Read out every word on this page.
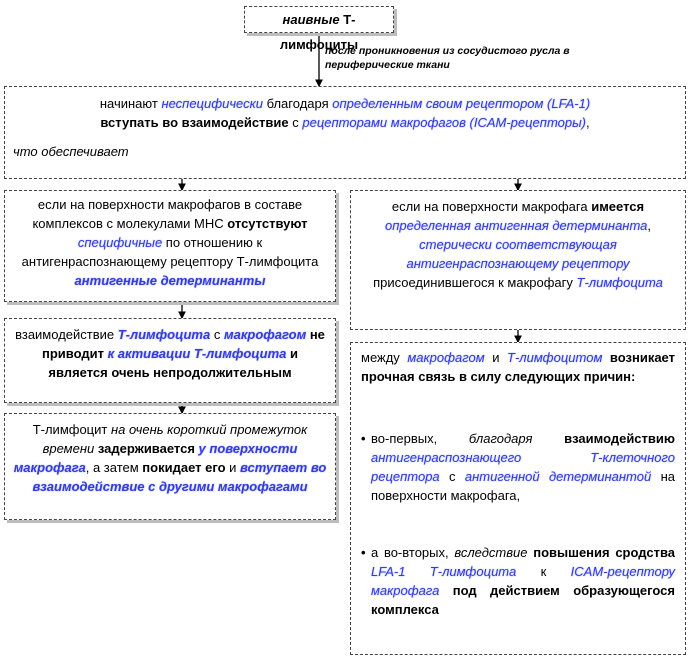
наивные Т-лимфоциты
после проникновения из сосудистого русла в
периферические ткани
начинают неспецифически благодаря определенным своим рецептором (LFA-1)
вступать во взаимодействие с рецепторами макрофагов (ICAM-рецепторы),
что обеспечивает
если на поверхности макрофагов в составе комплексов с молекулами МНС отсутствуют специфичные по отношению к антигенраспознающему рецептору Т-лимфоцита антигенные детерминанты
взаимодействие Т-лимфоцита с макрофагом не приводит к активации Т-лимфоцита и является очень непродолжительным
Т-лимфоцит на очень короткий промежуток времени задерживается у поверхности макрофага, а затем покидает его и вступает во взаимодействие с другими макрофагами
если на поверхности макрофага имеется
определенная антигенная детерминанта, стерически соответствующая антигенраспознающему рецептору присоединившегося к макрофагу Т-лимфоцита
между макрофагом и Т-лимфоцитом возникает прочная связь в силу следующих причин:
• во-первых, благодаря взаимодействию антигенраспознающего Т-клеточного рецептора с антигенной детерминантой на поверхности макрофага,
• а во-вторых, вследствие повышения сродства LFA-1 Т-лимфоцита к ICAM-рецептору макрофага под действием образующегося комплекса
